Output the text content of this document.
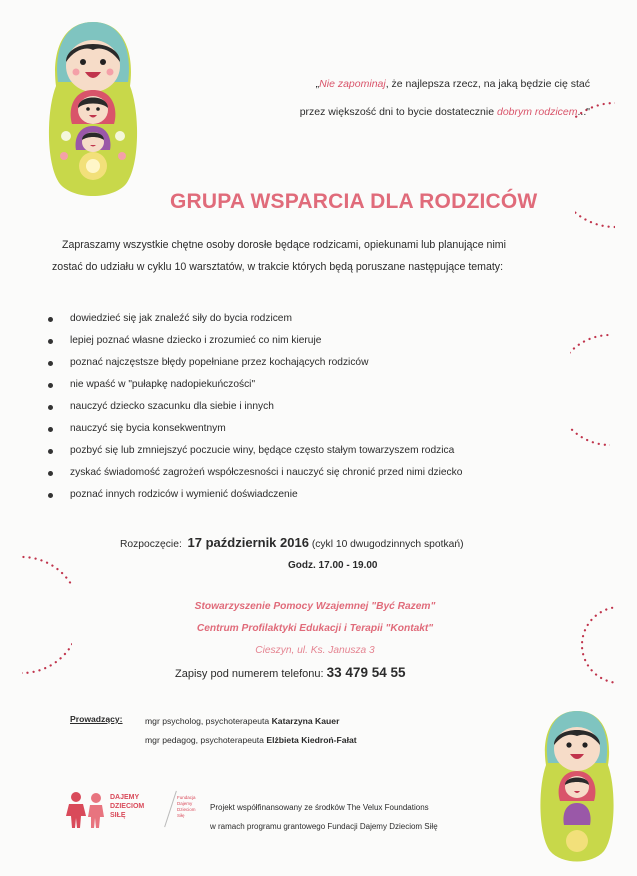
„Nie zapominaj, że najlepsza rzecz, na jaką będzie cię stać
przez większość dni to bycie dostatecznie dobrym rodzicem..."
GRUPA WSPARCIA DLA RODZICÓW

Zapraszamy wszystkie chętne osoby dorosłe będące rodzicami, opiekunami lub planujące nimi

zostać do udziału w cyklu 10 warsztatów, w trakcie których będą poruszane następujące tematy:

dowiedzieć się jak znaleźć siły do bycia rodzicem
lepiej poznać własne dziecko i zrozumieć co nim kieruje
poznać najczęstsze błędy popełniane przez kochających rodziców
nie wpaść w "pułapkę nadopiekuńczości"
nauczyć dziecko szacunku dla siebie i innych
nauczyć się bycia konsekwentnym
pozbyć się lub zmniejszyć poczucie winy, będące często stałym towarzyszem rodzica
zyskać świadomość zagrożeń współczesności i nauczyć się chronić przed nimi dziecko
poznać innych rodziców i wymienić doświadczenie
Rozpoczęcie: 17 październik 2016 (cykl 10 dwugodzinnych spotkań)
Godz. 17.00 - 19.00
Stowarzyszenie Pomocy Wzajemnej "Być Razem"
Centrum Profilaktyki Edukacji i Terapii "Kontakt"
Cieszyn, ul. Ks. Janusza 3
Zapisy pod numerem telefonu: 33 479 54 55
Prowadzący:	mgr psycholog, psychoterapeuta Katarzyna Kauer
mgr pedagog, psychoterapeuta Elżbieta Kiedroń-Fałat
DAJEMY
DZIECIOM
SIŁĘ
Fundacja
Dajemy
Dzieciom
Siłę
Projekt współfinansowany ze środków The Velux Foundations
w ramach programu grantowego Fundacji Dajemy Dzieciom Siłę
